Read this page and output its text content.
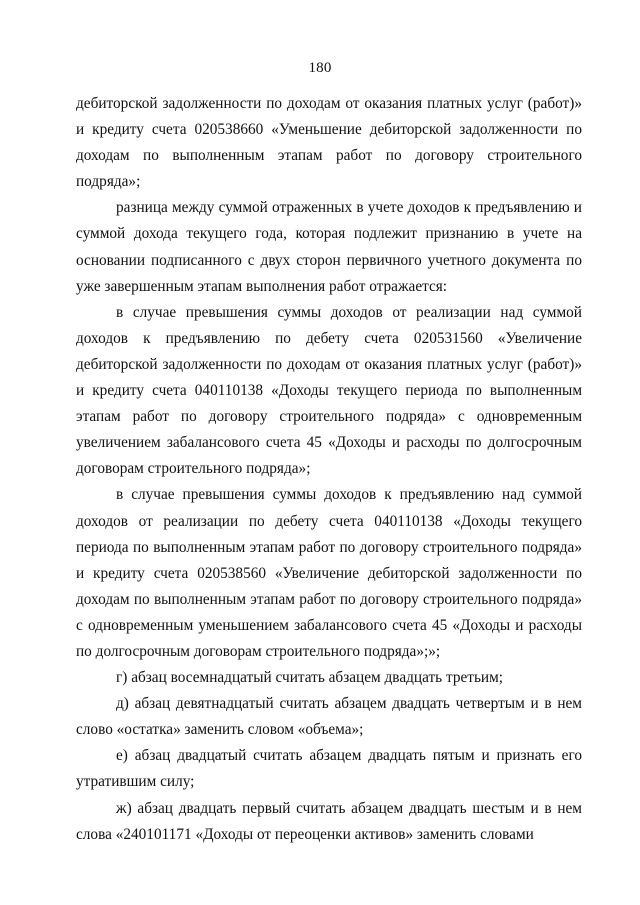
180

дебиторской задолженности по доходам от оказания платных услуг (работ)» и кредиту счета 020538660 «Уменьшение дебиторской задолженности по доходам по выполненным этапам работ по договору строительного подряда»;

разница между суммой отраженных в учете доходов к предъявлению и суммой дохода текущего года, которая подлежит признанию в учете на основании подписанного с двух сторон первичного учетного документа по уже завершенным этапам выполнения работ отражается:

в случае превышения суммы доходов от реализации над суммой доходов к предъявлению по дебету счета 020531560 «Увеличение дебиторской задолженности по доходам от оказания платных услуг (работ)» и кредиту счета 040110138 «Доходы текущего периода по выполненным этапам работ по договору строительного подряда» с одновременным увеличением забалансового счета 45 «Доходы и расходы по долгосрочным договорам строительного подряда»;

в случае превышения суммы доходов к предъявлению над суммой доходов от реализации по дебету счета 040110138 «Доходы текущего периода по выполненным этапам работ по договору строительного подряда» и кредиту счета 020538560 «Увеличение дебиторской задолженности по доходам по выполненным этапам работ по договору строительного подряда» с одновременным уменьшением забалансового счета 45 «Доходы и расходы по долгосрочным договорам строительного подряда»;»;

г) абзац восемнадцатый считать абзацем двадцать третьим;

д) абзац девятнадцатый считать абзацем двадцать четвертым и в нем слово «остатка» заменить словом «объема»;

е) абзац двадцатый считать абзацем двадцать пятым и признать его утратившим силу;

ж) абзац двадцать первый считать абзацем двадцать шестым и в нем слова «240101171 «Доходы от переоценки активов» заменить словами
